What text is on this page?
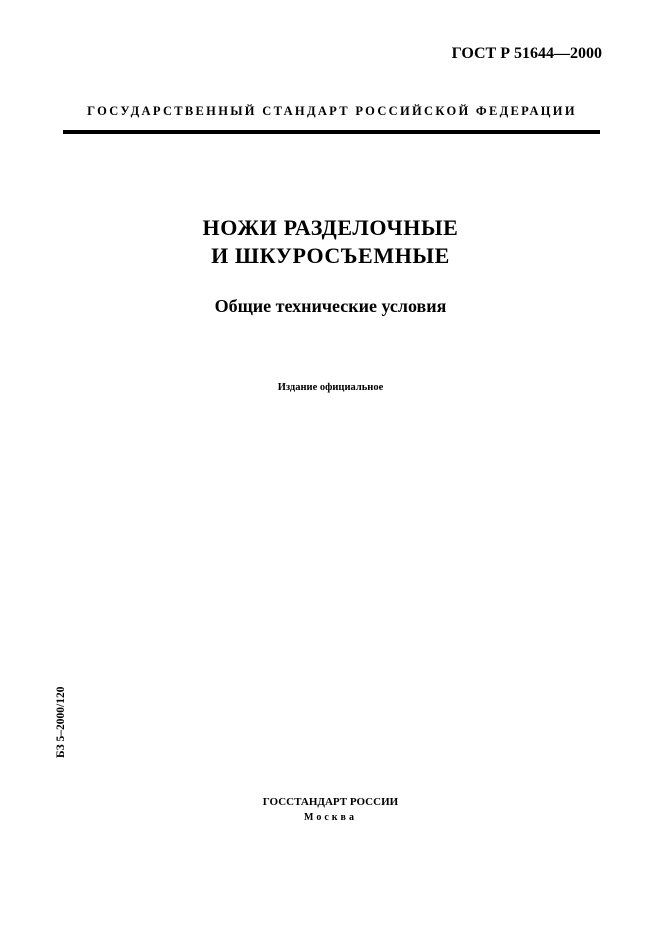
ГОСТ Р 51644—2000
ГОСУДАРСТВЕННЫЙ СТАНДАРТ РОССИЙСКОЙ ФЕДЕРАЦИИ
НОЖИ РАЗДЕЛОЧНЫЕ
И ШКУРОСЪЕМНЫЕ
Общие технические условия
Издание официальное
БЗ 5–2000/120
ГОССТАНДАРТ РОССИИ
Москва
